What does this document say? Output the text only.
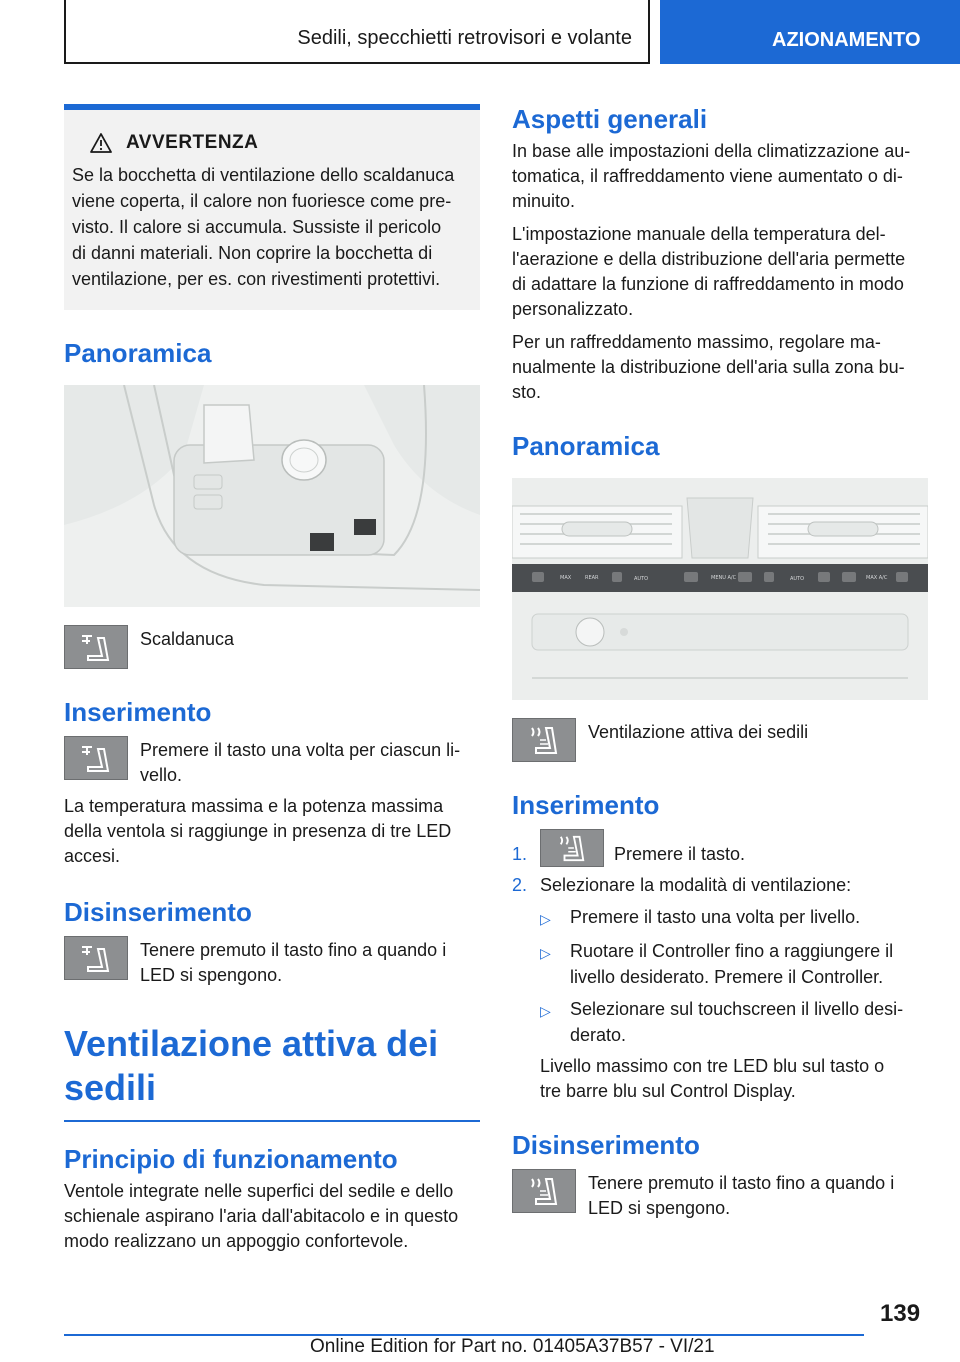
Sedili, specchietti retrovisori e volante	AZIONAMENTO
AVVERTENZA
Se la bocchetta di ventilazione dello scaldanuca
viene coperta, il calore non fuoriesce come pre-
visto. Il calore si accumula. Sussiste il pericolo
di danni materiali. Non coprire la bocchetta di
ventilazione, per es. con rivestimenti protettivi.
Panoramica
Scaldanuca
Inserimento
Premere il tasto una volta per ciascun li-
vello.
La temperatura massima e la potenza massima
della ventola si raggiunge in presenza di tre LED
accesi.
Disinserimento
Tenere premuto il tasto fino a quando i
LED si spengono.
Ventilazione attiva dei
sedili
Principio di funzionamento
Ventole integrate nelle superfici del sedile e dello
schienale aspirano l'aria dall'abitacolo e in questo
modo realizzano un appoggio confortevole.
Aspetti generali
In base alle impostazioni della climatizzazione au-
tomatica, il raffreddamento viene aumentato o di-
minuito.
L'impostazione manuale della temperatura del-
l'aerazione e della distribuzione dell'aria permette
di adattare la funzione di raffreddamento in modo
personalizzato.
Per un raffreddamento massimo, regolare ma-
nualmente la distribuzione dell'aria sulla zona bu-
sto.
Panoramica
MAX	REAR	AUTO	MENU A/C	AUTO	MAX A/C
Ventilazione attiva dei sedili
Inserimento
1.	Premere il tasto.
2. Selezionare la modalità di ventilazione:
▷	Premere il tasto una volta per livello.
▷	Ruotare il Controller fino a raggiungere il
livello desiderato. Premere il Controller.
▷	Selezionare sul touchscreen il livello desi-
derato.
Livello massimo con tre LED blu sul tasto o
tre barre blu sul Control Display.
Disinserimento
Tenere premuto il tasto fino a quando i
LED si spengono.
139
Online Edition for Part no. 01405A37B57 - VI/21
